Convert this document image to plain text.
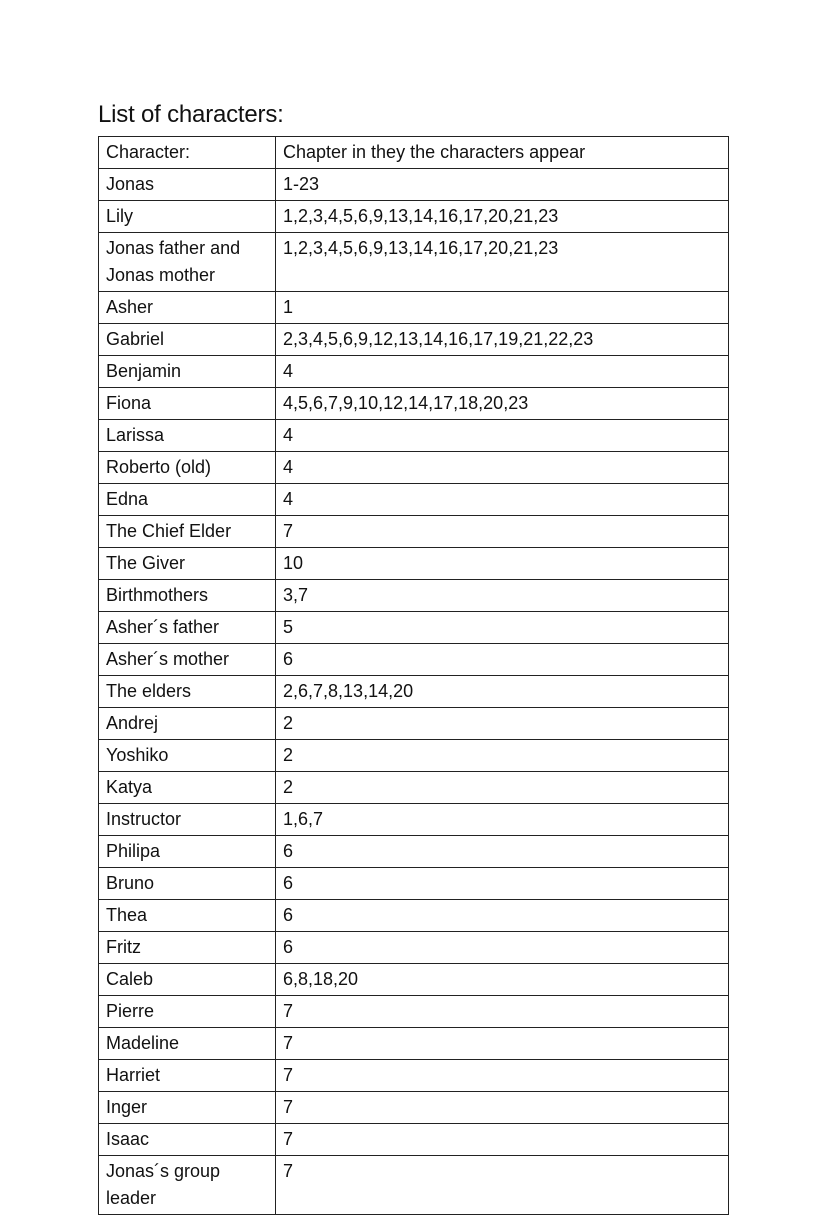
List of characters:
Character:	Chapter in they the characters appear
Jonas	1-23
Lily	1,2,3,4,5,6,9,13,14,16,17,20,21,23
Jonas father and Jonas mother	1,2,3,4,5,6,9,13,14,16,17,20,21,23
Asher	1
Gabriel	2,3,4,5,6,9,12,13,14,16,17,19,21,22,23
Benjamin	4
Fiona	4,5,6,7,9,10,12,14,17,18,20,23
Larissa	4
Roberto (old)	4
Edna	4
The Chief Elder	7
The Giver	10
Birthmothers	3,7
Asher´s father	5
Asher´s mother	6
The elders	2,6,7,8,13,14,20
Andrej	2
Yoshiko	2
Katya	2
Instructor	1,6,7
Philipa	6
Bruno	6
Thea	6
Fritz	6
Caleb	6,8,18,20
Pierre	7
Madeline	7
Harriet	7
Inger	7
Isaac	7
Jonas´s group leader	7
